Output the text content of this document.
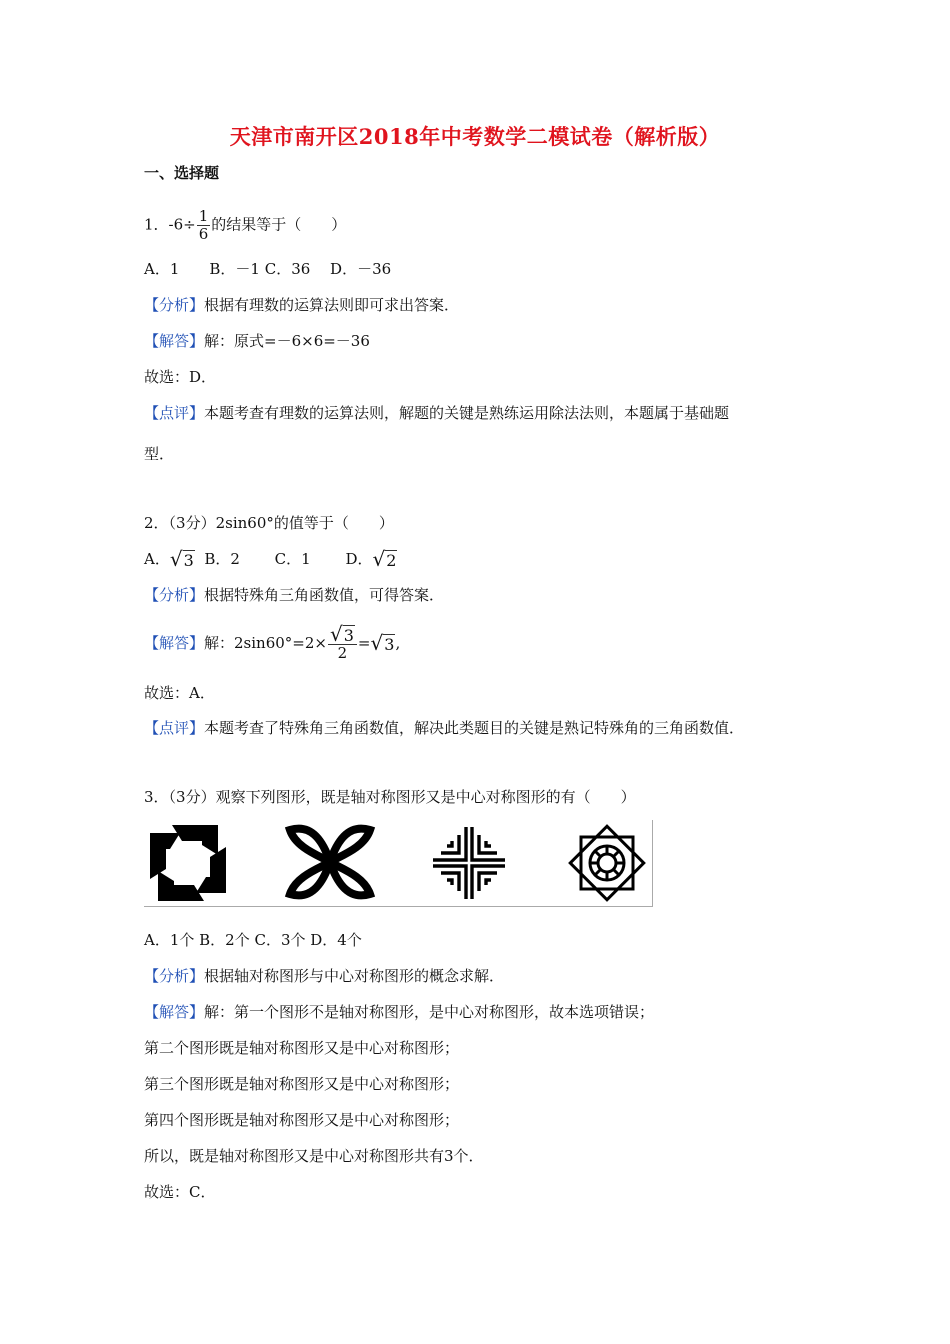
天津市南开区2018年中考数学二模试卷（解析版）
一、选择题
1．$-6\div \frac{1}{6}$ 的结果等于（　　）
A．1　　B．－1 C．36　 D．－36
【分析】根据有理数的运算法则即可求出答案．
【解答】解：原式=－6×6=－36
故选：D．
【点评】本题考查有理数的运算法则，解题的关键是熟练运用除法法则，本题属于基础题
型．
2．（3分）2sin60°的值等于（　　）
A．√3  B．2　　 C．1　　 D．√2
【分析】根据特殊角三角函数值，可得答案．
【解答】解：$2\sin 60^\circ=2\times \frac{√3}{2} =√3$,
故选：A．
【点评】本题考查了特殊角三角函数值，解决此类题目的关键是熟记特殊角的三角函数值．
3．（3分）观察下列图形，既是轴对称图形又是中心对称图形的有（　　）
A．1个 B．2个 C．3个 D．4个
【分析】根据轴对称图形与中心对称图形的概念求解．
【解答】解：第一个图形不是轴对称图形，是中心对称图形，故本选项错误；
第二个图形既是轴对称图形又是中心对称图形；
第三个图形既是轴对称图形又是中心对称图形；
第四个图形既是轴对称图形又是中心对称图形；
所以，既是轴对称图形又是中心对称图形共有3个．
故选：C．
